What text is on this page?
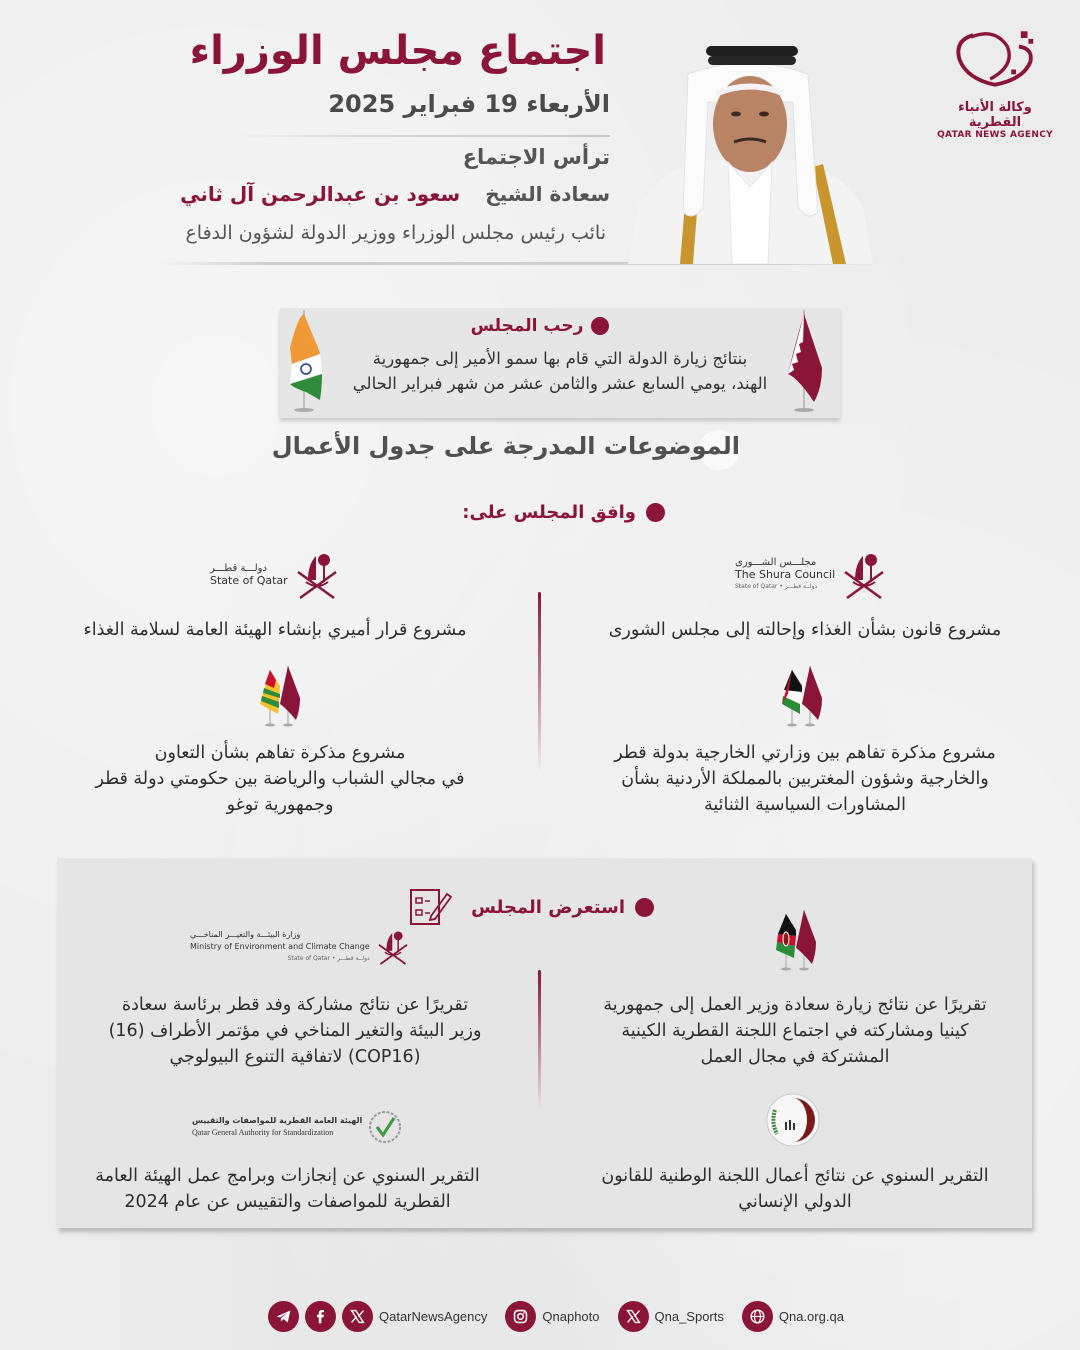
اجتماع مجلس الوزراء
الأربعاء 19 فبراير 2025
ترأس الاجتماع
سعادة الشيخ سعود بن عبدالرحمن آل ثاني
نائب رئيس مجلس الوزراء ووزير الدولة لشؤون الدفاع
وكالة الأنباء القطرية
QATAR NEWS AGENCY
رحب المجلس
بنتائج زيارة الدولة التي قام بها سمو الأمير إلى جمهورية
الهند، يومي السابع عشر والثامن عشر من شهر فبراير الحالي
الموضوعات المدرجة على جدول الأعمال
وافق المجلس على:
مجلـــس الشـــورى
The Shura Council
State of Qatar • دولــة قطـــر
مشروع قانون بشأن الغذاء وإحالته إلى مجلس الشورى
دولـــة قطـــر
State of Qatar
مشروع قرار أميري بإنشاء الهيئة العامة لسلامة الغذاء
مشروع مذكرة تفاهم بين وزارتي الخارجية بدولة قطر
والخارجية وشؤون المغتربين بالمملكة الأردنية بشأن
المشاورات السياسية الثنائية
مشروع مذكرة تفاهم بشأن التعاون
في مجالي الشباب والرياضة بين حكومتي دولة قطر
وجمهورية توغو
استعرض المجلس
تقريرًا عن نتائج زيارة سعادة وزير العمل إلى جمهورية
كينيا ومشاركته في اجتماع اللجنة القطرية الكينية
المشتركة في مجال العمل
وزارة البيئـــة والتغيـــر المناخـــي
Ministry of Environment and Climate Change
State of Qatar • دولــة قطـــر
تقريرًا عن نتائج مشاركة وفد قطر برئاسة سعادة
وزير البيئة والتغير المناخي في مؤتمر الأطراف (16)
(COP16) لاتفاقية التنوع البيولوجي
التقرير السنوي عن نتائج أعمال اللجنة الوطنية للقانون
الدولي الإنساني
الهيئة العامة القطرية للمواصفات والتقييس
Qatar General Authority for Standardization
التقرير السنوي عن إنجازات وبرامج عمل الهيئة العامة
القطرية للمواصفات والتقييس عن عام 2024
QatarNewsAgency	Qnaphoto	Qna_Sports	Qna.org.qa
